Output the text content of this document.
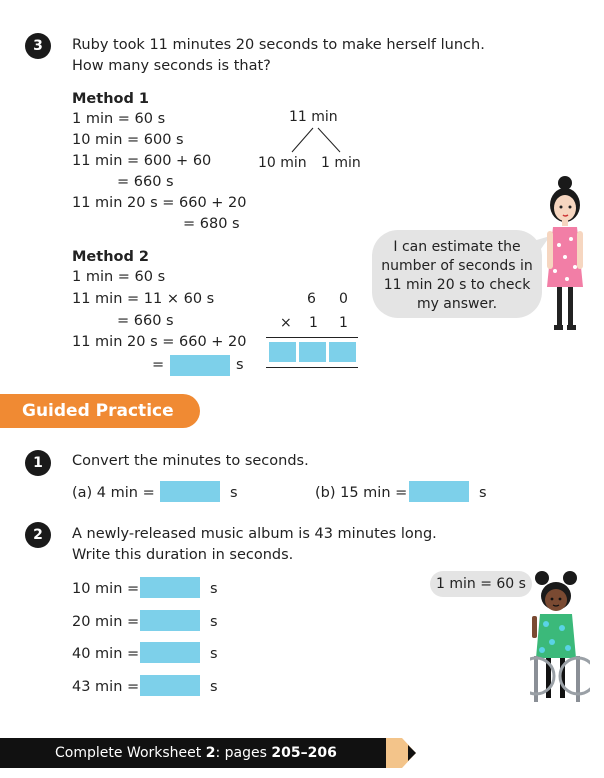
3	Ruby took 11 minutes 20 seconds to make herself lunch.
How many seconds is that?
Method 1
1 min = 60 s
10 min = 600 s
11 min = 600 + 60
= 660 s
11 min 20 s = 660 + 20
= 680 s
11 min
10 min 1 min
Method 2
1 min = 60 s
11 min = 11 × 60 s
= 660 s
11 min 20 s = 660 + 20
=	s
6 0
× 1 1
I can estimate the number of seconds in 11 min 20 s to check my answer.
Guided Practice
1	Convert the minutes to seconds.
(a) 4 min =	s	(b) 15 min =	s
2	A newly-released music album is 43 minutes long.
Write this duration in seconds.
10 min =	s
20 min =	s
40 min =	s
43 min =	s
1 min = 60 s
Complete Worksheet 2: pages 205–206
